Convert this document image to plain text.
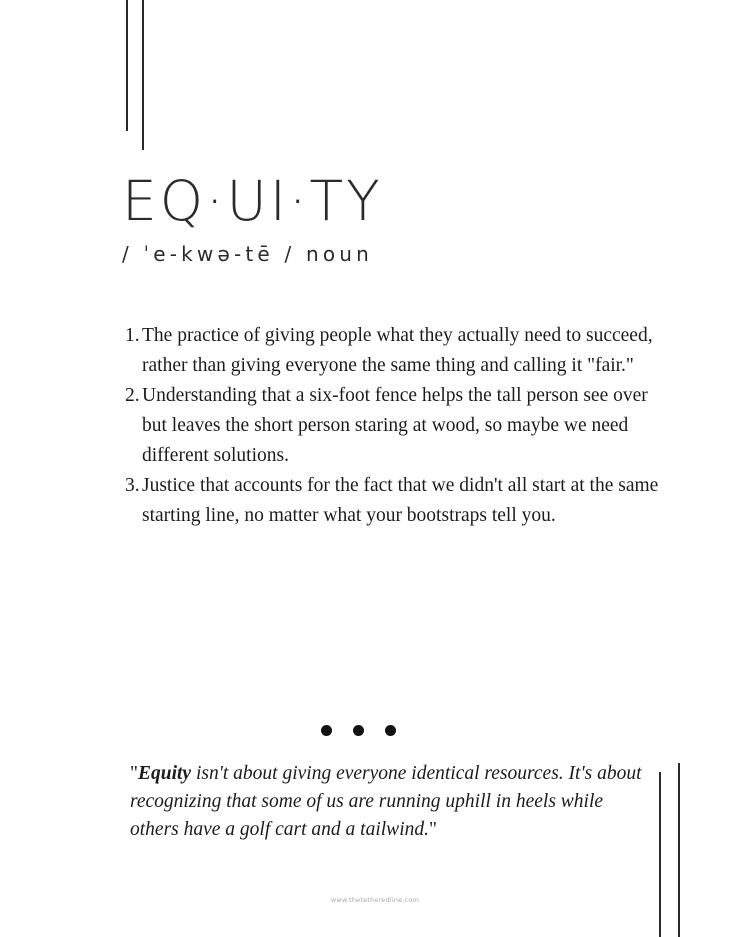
EQ·UI·TY
/ ˈe-kwə-tē / noun
1. The practice of giving people what they actually need to succeed, rather than giving everyone the same thing and calling it "fair."
2. Understanding that a six-foot fence helps the tall person see over but leaves the short person staring at wood, so maybe we need different solutions.
3. Justice that accounts for the fact that we didn't all start at the same starting line, no matter what your bootstraps tell you.

"Equity isn't about giving everyone identical resources. It's about recognizing that some of us are running uphill in heels while others have a golf cart and a tailwind."

www.thetetheredline.com
